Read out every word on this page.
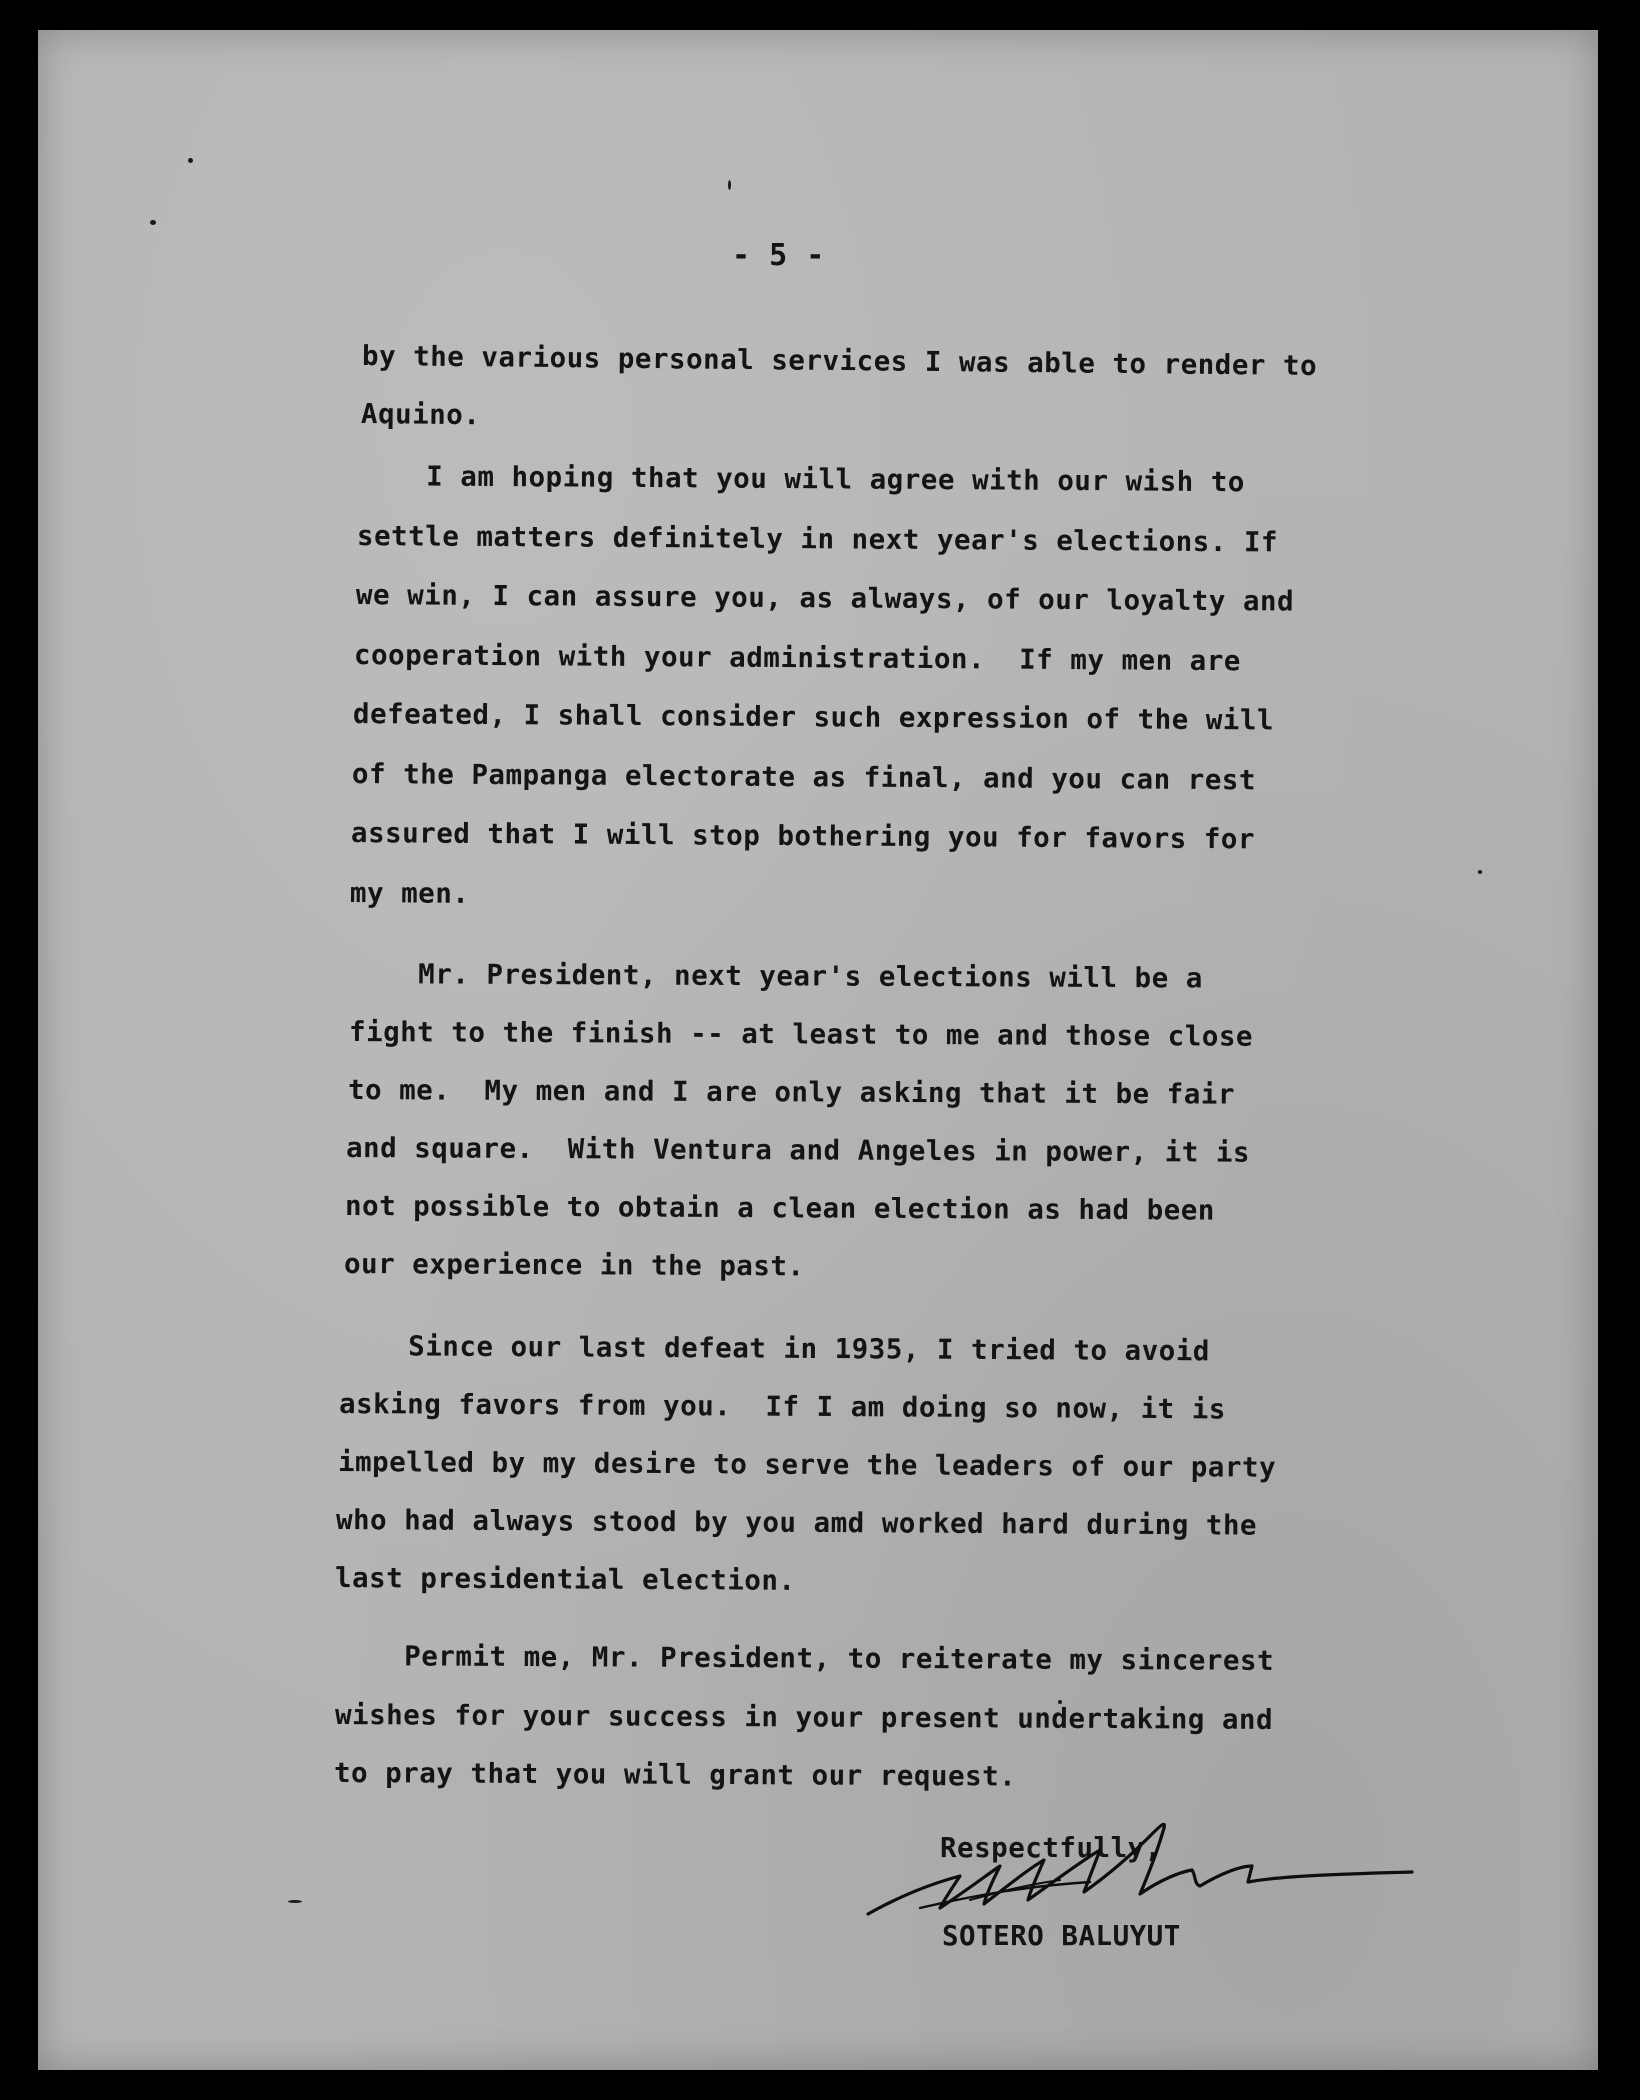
- 5 -
by the various personal services I was able to render to
Aquino.
I am hoping that you will agree with our wish to
settle matters definitely in next year's elections. If
we win, I can assure you, as always, of our loyalty and
cooperation with your administration.  If my men are
defeated, I shall consider such expression of the will
of the Pampanga electorate as final, and you can rest
assured that I will stop bothering you for favors for
my men.
Mr. President, next year's elections will be a
fight to the finish -- at least to me and those close
to me.  My men and I are only asking that it be fair
and square.  With Ventura and Angeles in power, it is
not possible to obtain a clean election as had been
our experience in the past.
Since our last defeat in 1935, I tried to avoid
asking favors from you.  If I am doing so now, it is
impelled by my desire to serve the leaders of our party
who had always stood by you amd worked hard during the
last presidential election.
Permit me, Mr. President, to reiterate my sincerest
wishes for your success in your present undertaking and
to pray that you will grant our request.
Respectfully,
SOTERO BALUYUT
